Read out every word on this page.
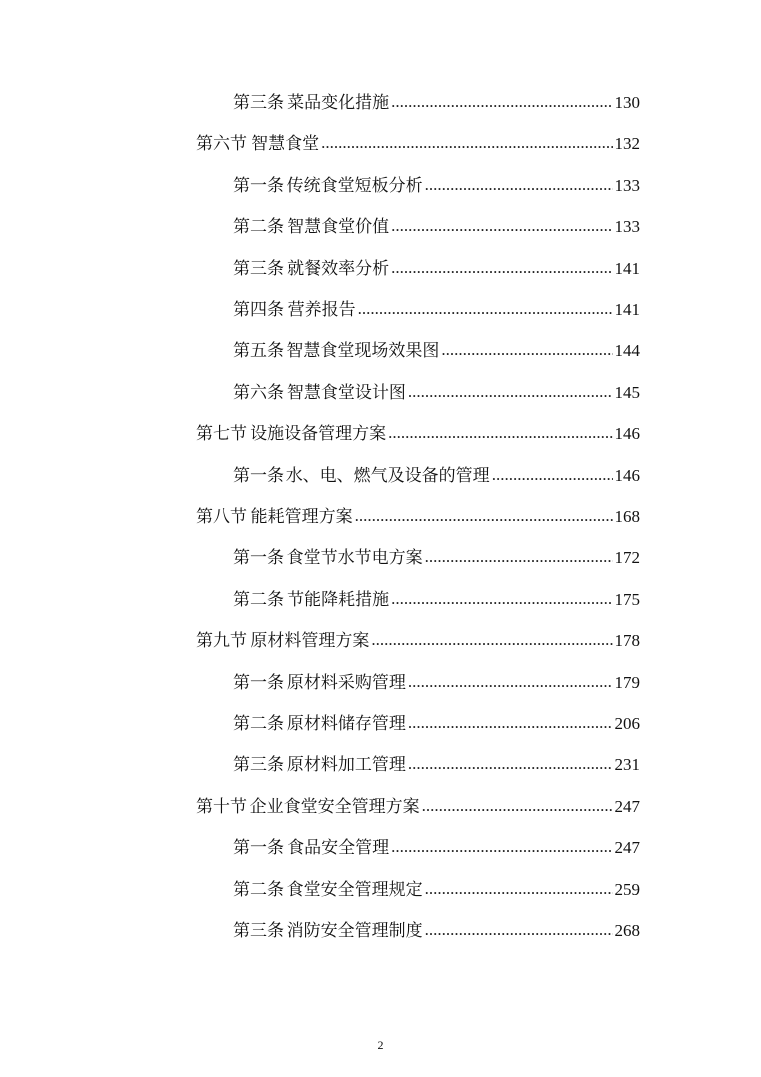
第三条 菜品变化措施 .....	130
第六节 智慧食堂 .....	132
第一条 传统食堂短板分析 .....	133
第二条 智慧食堂价值 .....	133
第三条 就餐效率分析 .....	141
第四条 营养报告 .....	141
第五条 智慧食堂现场效果图 .....	144
第六条 智慧食堂设计图 .....	145
第七节 设施设备管理方案 .....	146
第一条 水、电、燃气及设备的管理 .....	146
第八节 能耗管理方案 .....	168
第一条 食堂节水节电方案 .....	172
第二条 节能降耗措施 .....	175
第九节 原材料管理方案 .....	178
第一条 原材料采购管理 .....	179
第二条 原材料储存管理 .....	206
第三条 原材料加工管理 .....	231
第十节 企业食堂安全管理方案 .....	247
第一条 食品安全管理 .....	247
第二条 食堂安全管理规定 .....	259
第三条 消防安全管理制度 .....	268
2
